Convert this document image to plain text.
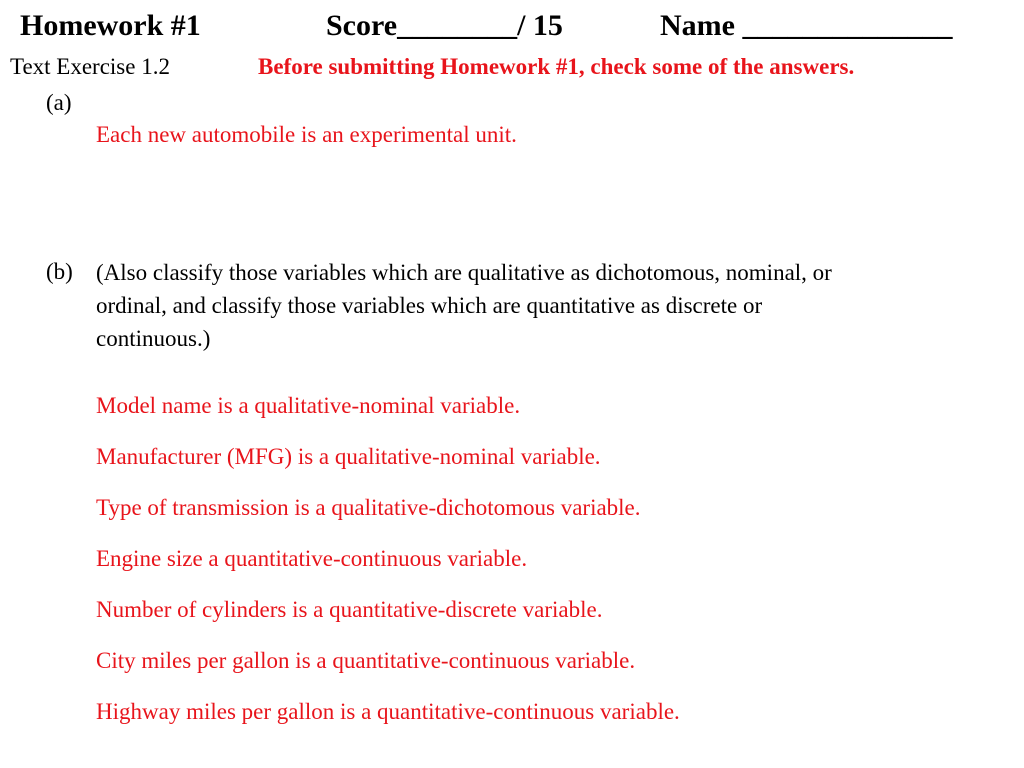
Homework #1	Score________/ 15	Name ______________
Text Exercise 1.2	Before submitting Homework #1, check some of the answers.
(a)
Each new automobile is an experimental unit.
(b) (Also classify those variables which are qualitative as dichotomous, nominal, or
ordinal, and classify those variables which are quantitative as discrete or
continuous.)
Model name is a qualitative-nominal variable.
Manufacturer (MFG) is a qualitative-nominal variable.
Type of transmission is a qualitative-dichotomous variable.
Engine size a quantitative-continuous variable.
Number of cylinders is a quantitative-discrete variable.
City miles per gallon is a quantitative-continuous variable.
Highway miles per gallon is a quantitative-continuous variable.
